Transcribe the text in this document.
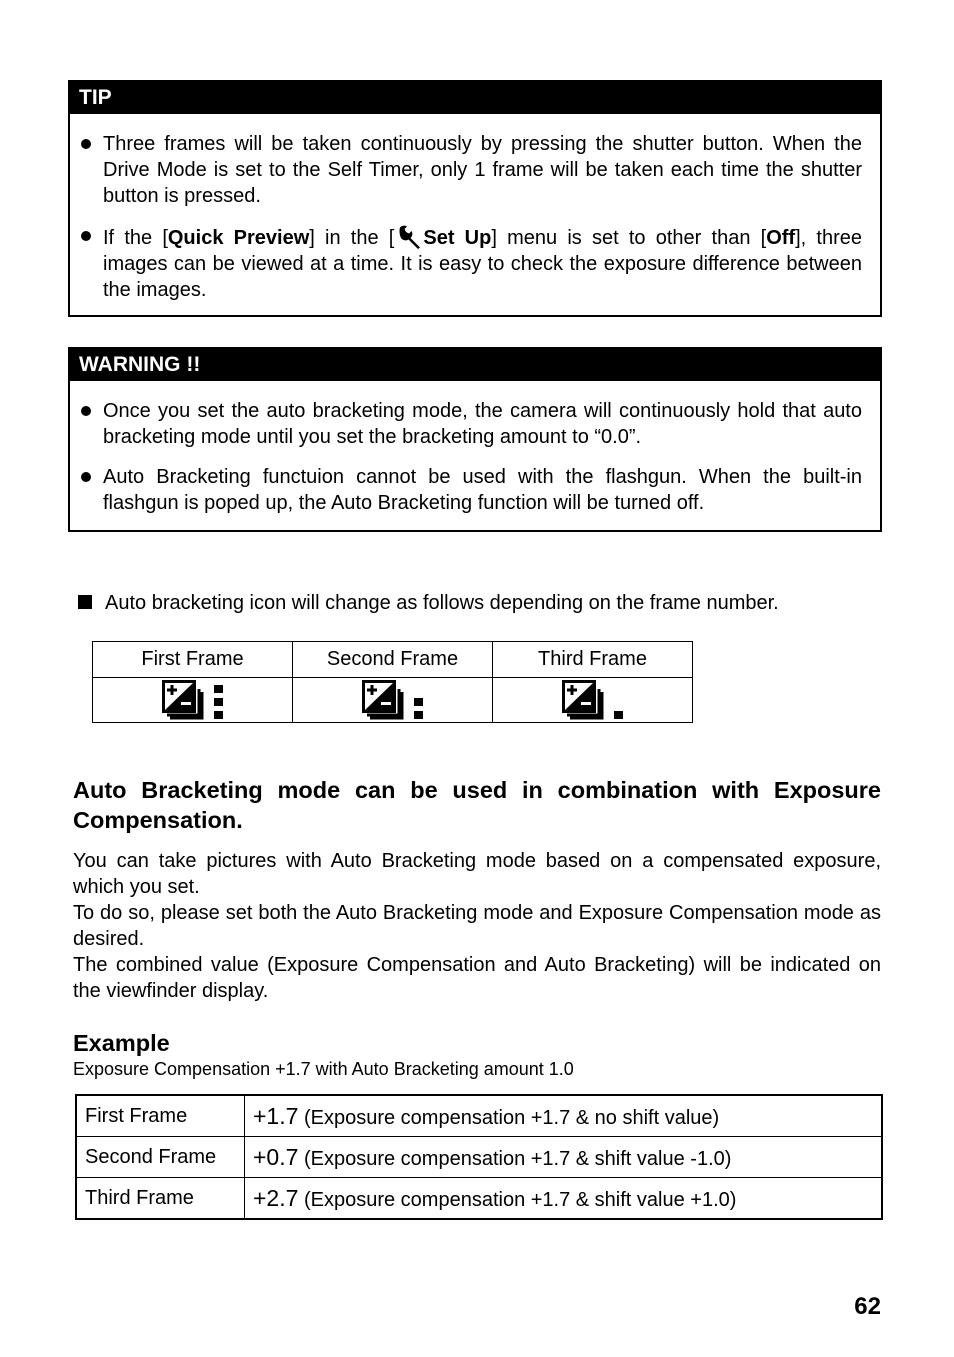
TIP
Three frames will be taken continuously by pressing the shutter button. When the Drive Mode is set to the Self Timer, only 1 frame will be taken each time the shutter button is pressed.
If the [Quick Preview] in the [ Set Up] menu is set to other than [Off], three images can be viewed at a time. It is easy to check the exposure difference between the images.
WARNING !!
Once you set the auto bracketing mode, the camera will continuously hold that auto bracketing mode until you set the bracketing amount to “0.0”.
Auto Bracketing functuion cannot be used with the flashgun. When the built-in flashgun is poped up, the Auto Bracketing function will be turned off.
Auto bracketing icon will change as follows depending on the frame number.
First Frame	Second Frame	Third Frame

Auto Bracketing mode can be used in combination with Exposure Compensation.

You can take pictures with Auto Bracketing mode based on a compensated exposure, which you set.

To do so, please set both the Auto Bracketing mode and Exposure Compensation mode as desired.

The combined value (Exposure Compensation and Auto Bracketing) will be indicated on the viewfinder display.

Example
Exposure Compensation +1.7 with Auto Bracketing amount 1.0
First Frame	+1.7 (Exposure compensation +1.7 & no shift value)
Second Frame	+0.7 (Exposure compensation +1.7 & shift value -1.0)
Third Frame	+2.7 (Exposure compensation +1.7 & shift value +1.0)
62
